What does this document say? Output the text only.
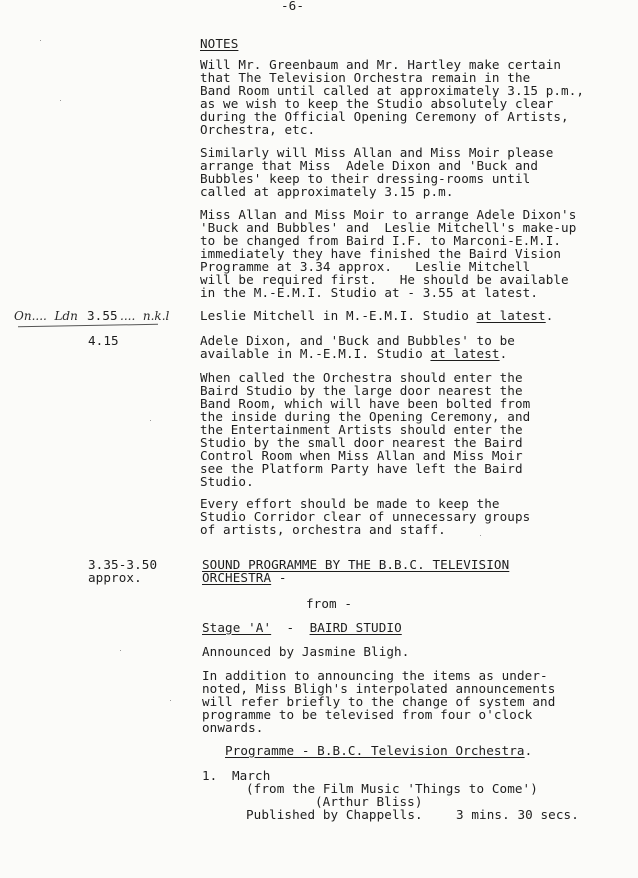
-6-
NOTES
Will Mr. Greenbaum and Mr. Hartley make certain
that The Television Orchestra remain in the
Band Room until called at approximately 3.15 p.m.,
as we wish to keep the Studio absolutely clear
during the Official Opening Ceremony of Artists,
Orchestra, etc.
Similarly will Miss Allan and Miss Moir please
arrange that Miss  Adele Dixon and 'Buck and
Bubbles' keep to their dressing-rooms until
called at approximately 3.15 p.m.
Miss Allan and Miss Moir to arrange Adele Dixon's
'Buck and Bubbles' and  Leslie Mitchell's make-up
to be changed from Baird I.F. to Marconi-E.M.I.
immediately they have finished the Baird Vision
Programme at 3.34 approx.   Leslie Mitchell
will be required first.   He should be available
in the M.-E.M.I. Studio at - 3.55 at latest.
On....  Ldn 3.55 ....  n.k.l Leslie Mitchell in M.-E.M.I. Studio at latest.
4.15	Adele Dixon, and 'Buck and Bubbles' to be
available in M.-E.M.I. Studio at latest.
When called the Orchestra should enter the
Baird Studio by the large door nearest the
Band Room, which will have been bolted from
the inside during the Opening Ceremony, and
the Entertainment Artists should enter the
Studio by the small door nearest the Baird
Control Room when Miss Allan and Miss Moir
see the Platform Party have left the Baird
Studio.
Every effort should be made to keep the
Studio Corridor clear of unnecessary groups
of artists, orchestra and staff.
3.35-3.50
approx.
SOUND PROGRAMME BY THE B.B.C. TELEVISION
ORCHESTRA -
from -
Stage 'A'  -  BAIRD STUDIO
Announced by Jasmine Bligh.
In addition to announcing the items as under-
noted, Miss Bligh's interpolated announcements
will refer briefly to the change of system and
programme to be televised from four o'clock
onwards.
Programme - B.B.C. Television Orchestra.
1. March
(from the Film Music 'Things to Come')
(Arthur Bliss)
Published by Chappells.	3 mins. 30 secs.
